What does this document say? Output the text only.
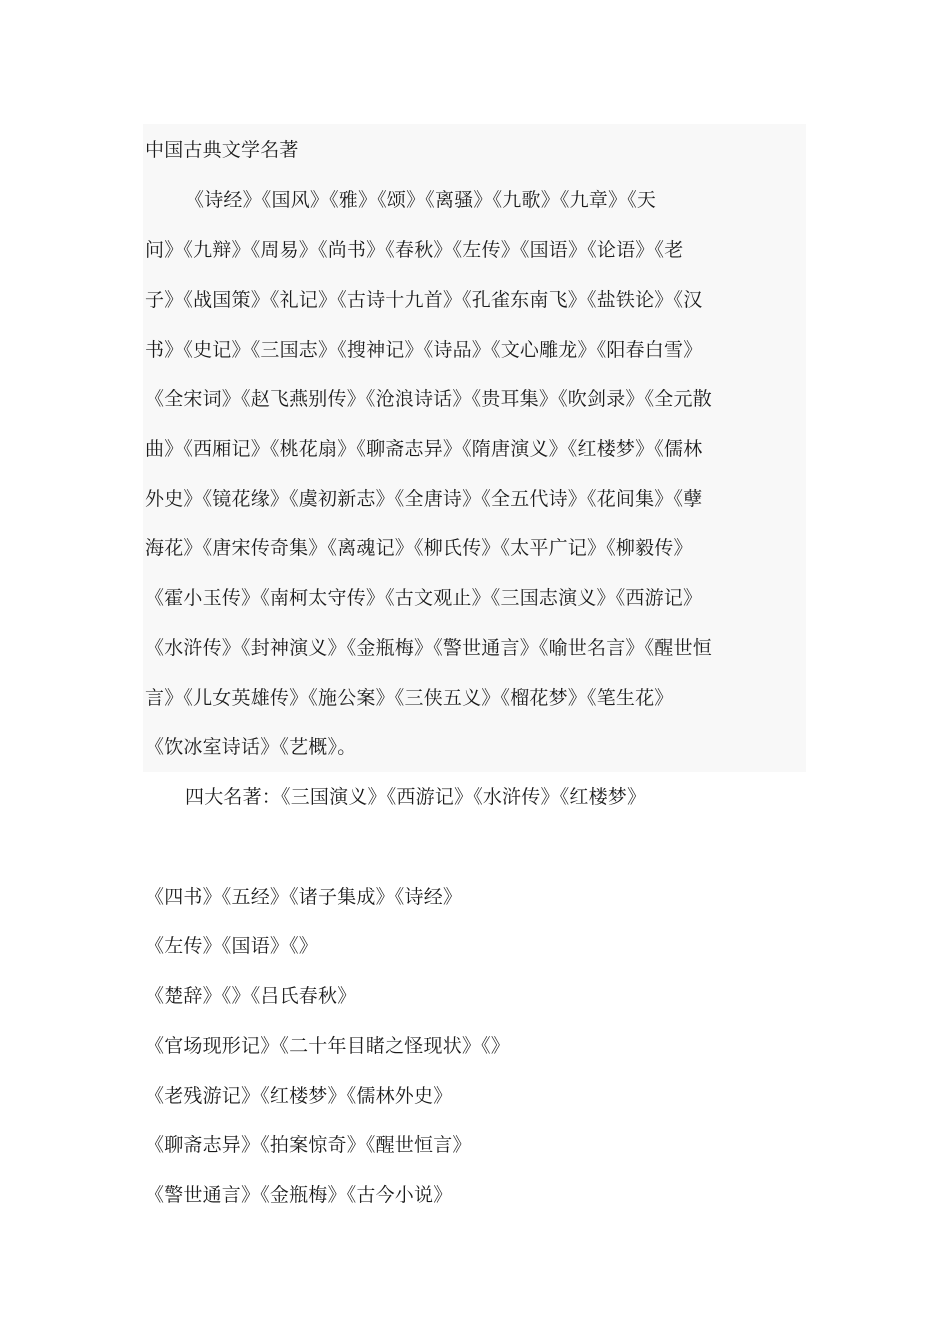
中国古典文学名著
《诗经》《国风》《雅》《颂》《离骚》《九歌》《九章》《天
问》《九辩》《周易》《尚书》《春秋》《左传》《国语》《论语》《老
子》《战国策》《礼记》《古诗十九首》《孔雀东南飞》《盐铁论》《汉
书》《史记》《三国志》《搜神记》《诗品》《文心雕龙》《阳春白雪》
《全宋词》《赵飞燕别传》《沧浪诗话》《贵耳集》《吹剑录》《全元散
曲》《西厢记》《桃花扇》《聊斋志异》《隋唐演义》《红楼梦》《儒林
外史》《镜花缘》《虞初新志》《全唐诗》《全五代诗》《花间集》《孽
海花》《唐宋传奇集》《离魂记》《柳氏传》《太平广记》《柳毅传》
《霍小玉传》《南柯太守传》《古文观止》《三国志演义》《西游记》
《水浒传》《封神演义》《金瓶梅》《警世通言》《喻世名言》《醒世恒
言》《儿女英雄传》《施公案》《三侠五义》《榴花梦》《笔生花》
《饮冰室诗话》《艺概》。
四大名著：《三国演义》《西游记》《水浒传》《红楼梦》
《四书》《五经》《诸子集成》《诗经》
《左传》《国语》《》
《楚辞》《》《吕氏春秋》
《官场现形记》《二十年目睹之怪现状》《》
《老残游记》《红楼梦》《儒林外史》
《聊斋志异》《拍案惊奇》《醒世恒言》
《警世通言》《金瓶梅》《古今小说》
